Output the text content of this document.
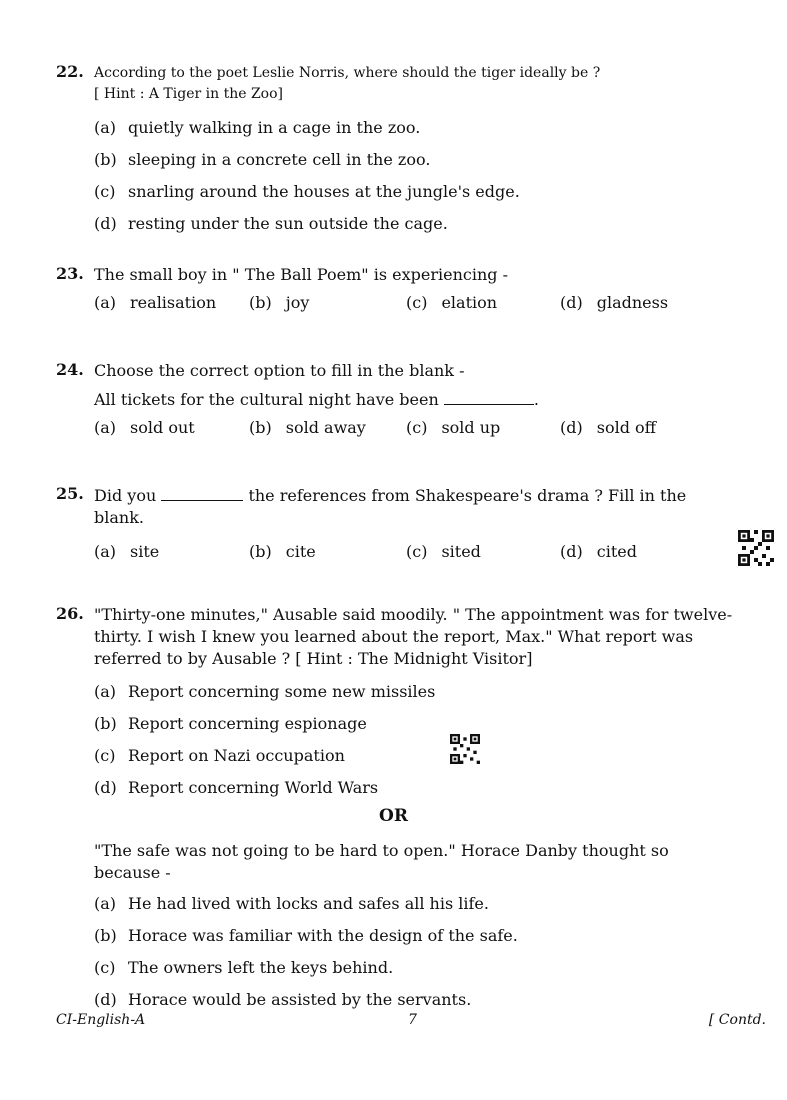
22. According to the poet Leslie Norris, where should the tiger ideally be ?
[ Hint : A Tiger in the Zoo]
(a) quietly walking in a cage in the zoo.
(b) sleeping in a concrete cell in the zoo.
(c) snarling around the houses at the jungle's edge.
(d) resting under the sun outside the cage.
23. The small boy in " The Ball Poem" is experiencing -
(a) realisation (b) joy	(c) elation	(d) gladness
24. Choose the correct option to fill in the blank -
All tickets for the cultural night have been	.
(a) sold out	(b) sold away	(c) sold up	(d) sold off
25. Did you	the references from Shakespeare's drama ? Fill in the
blank.
(a) site	(b) cite	(c) sited	(d) cited
26. "Thirty-one minutes," Ausable said moodily. " The appointment was for twelve-
thirty. I wish I knew you learned about the report, Max." What report was
referred to by Ausable ? [ Hint : The Midnight Visitor]
(a) Report concerning some new missiles
(b) Report concerning espionage
(c) Report on Nazi occupation
(d) Report concerning World Wars
OR
"The safe was not going to be hard to open." Horace Danby thought so because -
(a) He had lived with locks and safes all his life.
(b) Horace was familiar with the design of the safe.
(c) The owners left the keys behind.
(d) Horace would be assisted by the servants.
CI-English-A	7	[ Contd.
